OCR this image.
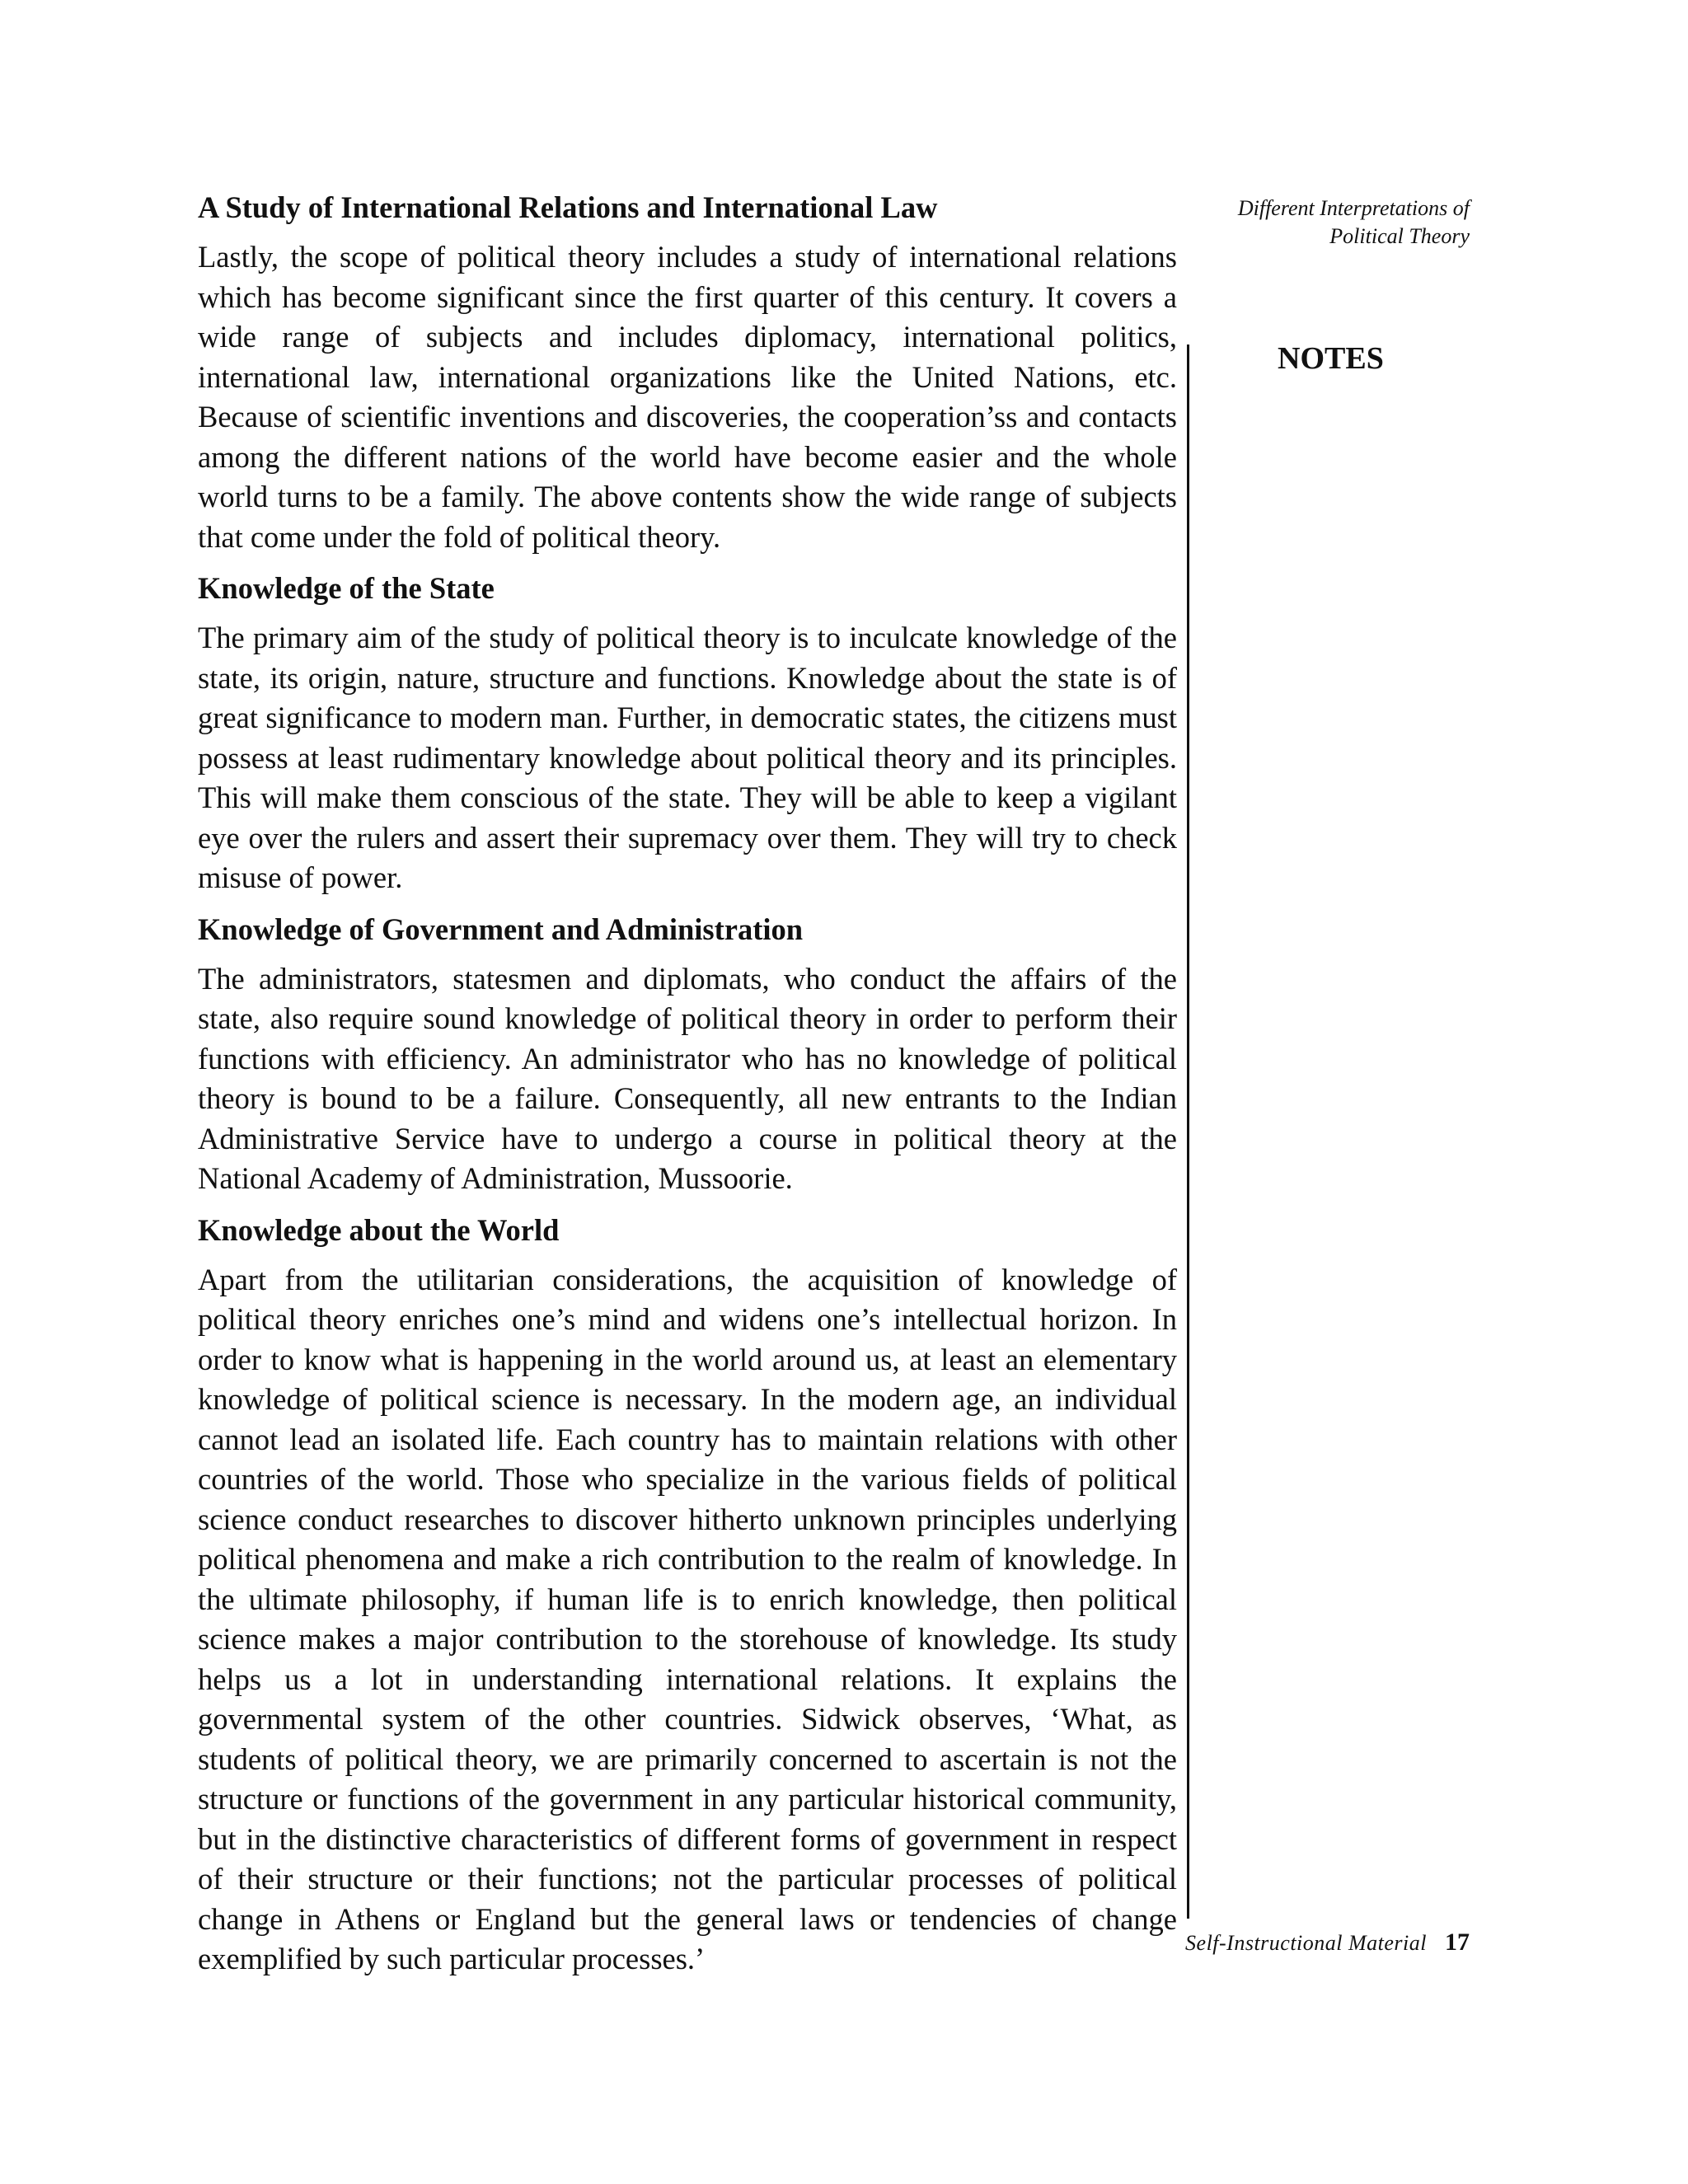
Different Interpretations of
Political Theory
NOTES
A Study of International Relations and International Law

Lastly, the scope of political theory includes a study of international relations which has become significant since the first quarter of this century. It covers a wide range of subjects and includes diplomacy, international politics, international law, international organizations like the United Nations, etc. Because of scientific inventions and discoveries, the cooperation’ss and contacts among the different nations of the world have become easier and the whole world turns to be a family. The above contents show the wide range of subjects that come under the fold of political theory.

Knowledge of the State

The primary aim of the study of political theory is to inculcate knowledge of the state, its origin, nature, structure and functions. Knowledge about the state is of great significance to modern man. Further, in democratic states, the citizens must possess at least rudimentary knowledge about political theory and its principles. This will make them conscious of the state. They will be able to keep a vigilant eye over the rulers and assert their supremacy over them. They will try to check misuse of power.

Knowledge of Government and Administration

The administrators, statesmen and diplomats, who conduct the affairs of the state, also require sound knowledge of political theory in order to perform their functions with efficiency. An administrator who has no knowledge of political theory is bound to be a failure. Consequently, all new entrants to the Indian Administrative Service have to undergo a course in political theory at the National Academy of Administration, Mussoorie.

Knowledge about the World

Apart from the utilitarian considerations, the acquisition of knowledge of political theory enriches one’s mind and widens one’s intellectual horizon. In order to know what is happening in the world around us, at least an elementary knowledge of political science is necessary. In the modern age, an individual cannot lead an isolated life. Each country has to maintain relations with other countries of the world. Those who specialize in the various fields of political science conduct researches to discover hitherto unknown principles underlying political phenomena and make a rich contribution to the realm of knowledge. In the ultimate philosophy, if human life is to enrich knowledge, then political science makes a major contribution to the storehouse of knowledge. Its study helps us a lot in understanding international relations. It explains the governmental system of the other countries. Sidwick observes, ‘What, as students of political theory, we are primarily concerned to ascertain is not the structure or functions of the government in any particular historical community, but in the distinctive characteristics of different forms of government in respect of their structure or their functions; not the particular processes of political change in Athens or England but the general laws or tendencies of change exemplified by such particular processes.’	Self-Instructional Material 17
